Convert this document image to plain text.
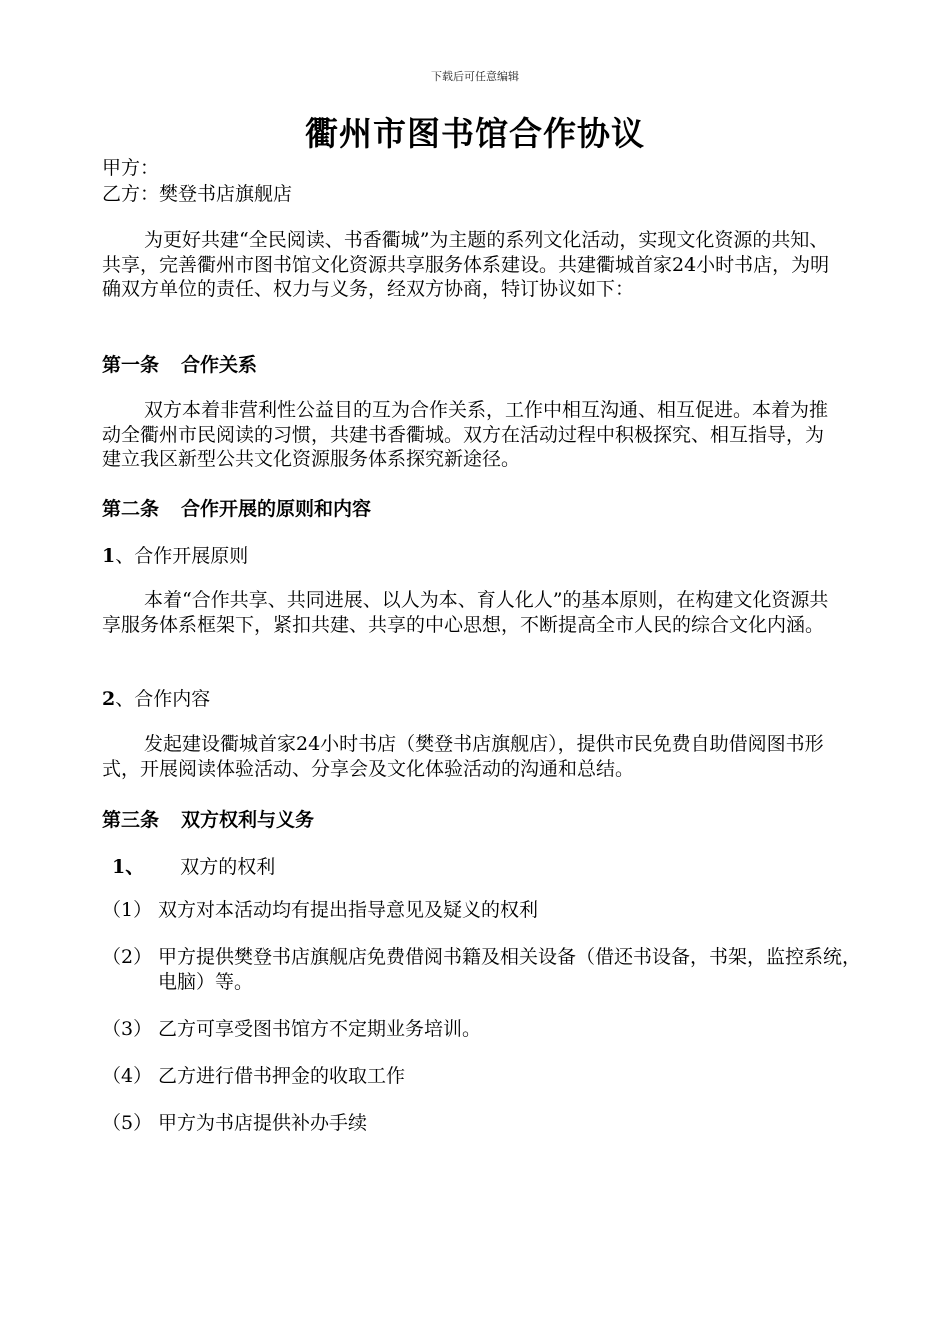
下载后可任意编辑
衢州市图书馆合作协议
甲方：
乙方：樊登书店旗舰店
为更好共建“全民阅读、书香衢城”为主题的系列文化活动，实现文化资源的共知、共享，完善衢州市图书馆文化资源共享服务体系建设。共建衢城首家24小时书店，为明确双方单位的责任、权力与义务，经双方协商，特订协议如下：
第一条 合作关系
双方本着非营利性公益目的互为合作关系，工作中相互沟通、相互促进。本着为推动全衢州市民阅读的习惯，共建书香衢城。双方在活动过程中积极探究、相互指导，为建立我区新型公共文化资源服务体系探究新途径。
第二条 合作开展的原则和内容
1、合作开展原则
本着“合作共享、共同进展、以人为本、育人化人”的基本原则，在构建文化资源共享服务体系框架下，紧扣共建、共享的中心思想，不断提高全市人民的综合文化内涵。
2、合作内容
发起建设衢城首家24小时书店（樊登书店旗舰店），提供市民免费自助借阅图书形式，开展阅读体验活动、分享会及文化体验活动的沟通和总结。
第三条 双方权利与义务
1、 双方的权利
（1） 双方对本活动均有提出指导意见及疑义的权利
（2） 甲方提供樊登书店旗舰店免费借阅书籍及相关设备（借还书设备，书架，监控系统，电脑）等。
（3） 乙方可享受图书馆方不定期业务培训。
（4） 乙方进行借书押金的收取工作
（5） 甲方为书店提供补办手续
